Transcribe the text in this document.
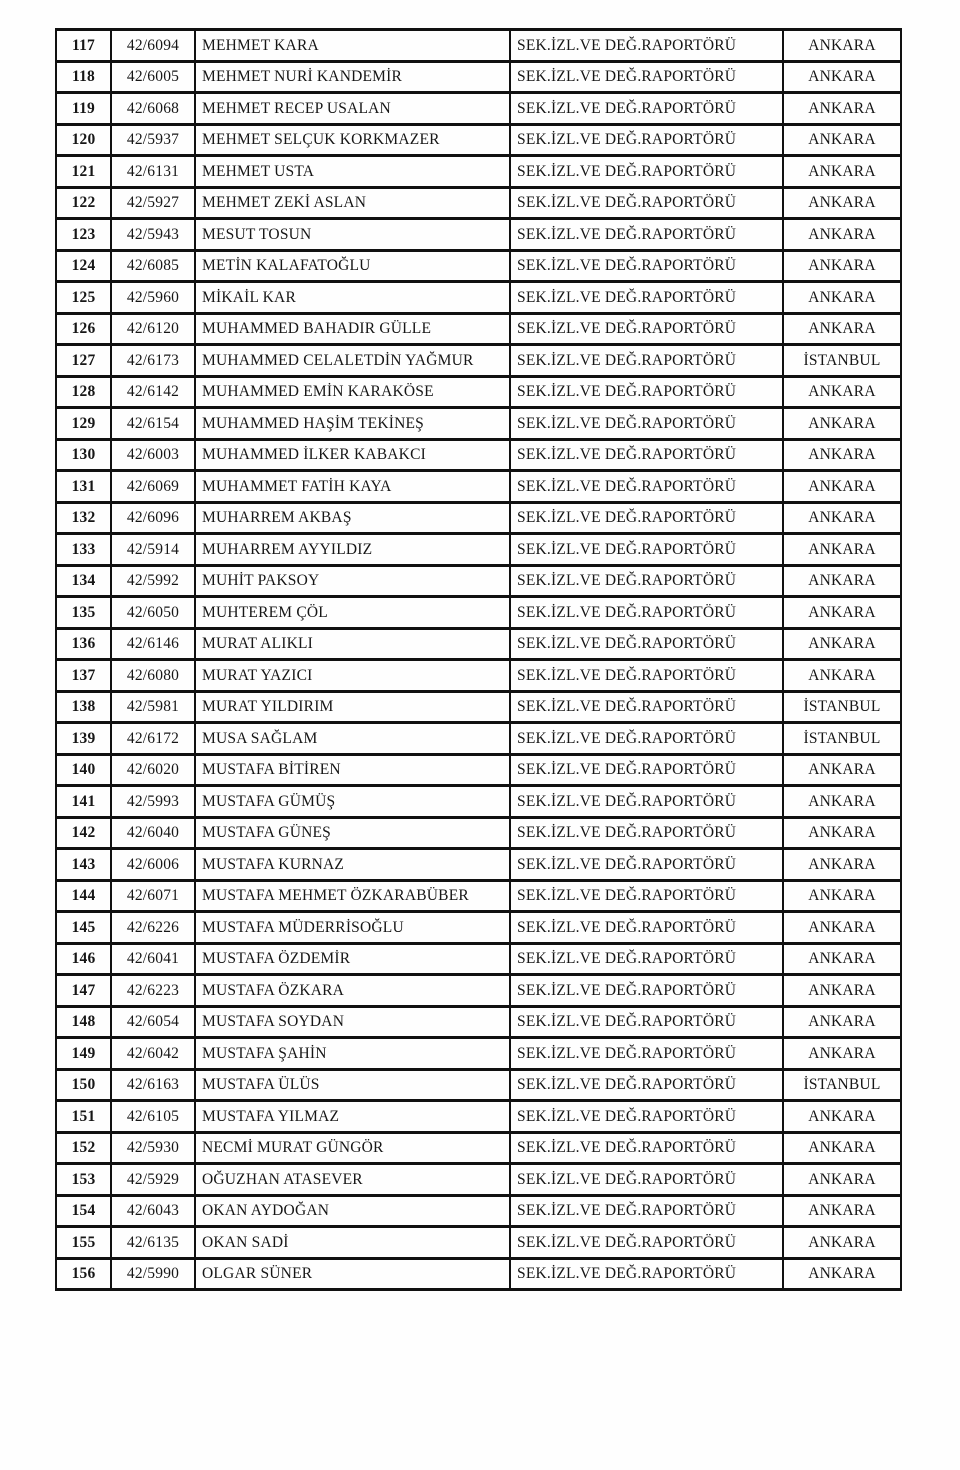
117	42/6094	MEHMET KARA	SEK.İZL.VE DEĞ.RAPORTÖRÜ	ANKARA
118	42/6005	MEHMET NURİ KANDEMİR	SEK.İZL.VE DEĞ.RAPORTÖRÜ	ANKARA
119	42/6068	MEHMET RECEP USALAN	SEK.İZL.VE DEĞ.RAPORTÖRÜ	ANKARA
120	42/5937	MEHMET SELÇUK KORKMAZER	SEK.İZL.VE DEĞ.RAPORTÖRÜ	ANKARA
121	42/6131	MEHMET USTA	SEK.İZL.VE DEĞ.RAPORTÖRÜ	ANKARA
122	42/5927	MEHMET ZEKİ ASLAN	SEK.İZL.VE DEĞ.RAPORTÖRÜ	ANKARA
123	42/5943	MESUT TOSUN	SEK.İZL.VE DEĞ.RAPORTÖRÜ	ANKARA
124	42/6085	METİN KALAFATOĞLU	SEK.İZL.VE DEĞ.RAPORTÖRÜ	ANKARA
125	42/5960	MİKAİL KAR	SEK.İZL.VE DEĞ.RAPORTÖRÜ	ANKARA
126	42/6120	MUHAMMED BAHADIR GÜLLE	SEK.İZL.VE DEĞ.RAPORTÖRÜ	ANKARA
127	42/6173	MUHAMMED CELALETDİN YAĞMUR	SEK.İZL.VE DEĞ.RAPORTÖRÜ	İSTANBUL
128	42/6142	MUHAMMED EMİN KARAKÖSE	SEK.İZL.VE DEĞ.RAPORTÖRÜ	ANKARA
129	42/6154	MUHAMMED HAŞİM TEKİNEŞ	SEK.İZL.VE DEĞ.RAPORTÖRÜ	ANKARA
130	42/6003	MUHAMMED İLKER KABAKCI	SEK.İZL.VE DEĞ.RAPORTÖRÜ	ANKARA
131	42/6069	MUHAMMET FATİH KAYA	SEK.İZL.VE DEĞ.RAPORTÖRÜ	ANKARA
132	42/6096	MUHARREM AKBAŞ	SEK.İZL.VE DEĞ.RAPORTÖRÜ	ANKARA
133	42/5914	MUHARREM AYYILDIZ	SEK.İZL.VE DEĞ.RAPORTÖRÜ	ANKARA
134	42/5992	MUHİT PAKSOY	SEK.İZL.VE DEĞ.RAPORTÖRÜ	ANKARA
135	42/6050	MUHTEREM ÇÖL	SEK.İZL.VE DEĞ.RAPORTÖRÜ	ANKARA
136	42/6146	MURAT ALIKLI	SEK.İZL.VE DEĞ.RAPORTÖRÜ	ANKARA
137	42/6080	MURAT YAZICI	SEK.İZL.VE DEĞ.RAPORTÖRÜ	ANKARA
138	42/5981	MURAT YILDIRIM	SEK.İZL.VE DEĞ.RAPORTÖRÜ	İSTANBUL
139	42/6172	MUSA SAĞLAM	SEK.İZL.VE DEĞ.RAPORTÖRÜ	İSTANBUL
140	42/6020	MUSTAFA BİTİREN	SEK.İZL.VE DEĞ.RAPORTÖRÜ	ANKARA
141	42/5993	MUSTAFA GÜMÜŞ	SEK.İZL.VE DEĞ.RAPORTÖRÜ	ANKARA
142	42/6040	MUSTAFA GÜNEŞ	SEK.İZL.VE DEĞ.RAPORTÖRÜ	ANKARA
143	42/6006	MUSTAFA KURNAZ	SEK.İZL.VE DEĞ.RAPORTÖRÜ	ANKARA
144	42/6071	MUSTAFA MEHMET ÖZKARABÜBER	SEK.İZL.VE DEĞ.RAPORTÖRÜ	ANKARA
145	42/6226	MUSTAFA MÜDERRİSOĞLU	SEK.İZL.VE DEĞ.RAPORTÖRÜ	ANKARA
146	42/6041	MUSTAFA ÖZDEMİR	SEK.İZL.VE DEĞ.RAPORTÖRÜ	ANKARA
147	42/6223	MUSTAFA ÖZKARA	SEK.İZL.VE DEĞ.RAPORTÖRÜ	ANKARA
148	42/6054	MUSTAFA SOYDAN	SEK.İZL.VE DEĞ.RAPORTÖRÜ	ANKARA
149	42/6042	MUSTAFA ŞAHİN	SEK.İZL.VE DEĞ.RAPORTÖRÜ	ANKARA
150	42/6163	MUSTAFA ÜLÜS	SEK.İZL.VE DEĞ.RAPORTÖRÜ	İSTANBUL
151	42/6105	MUSTAFA YILMAZ	SEK.İZL.VE DEĞ.RAPORTÖRÜ	ANKARA
152	42/5930	NECMİ MURAT GÜNGÖR	SEK.İZL.VE DEĞ.RAPORTÖRÜ	ANKARA
153	42/5929	OĞUZHAN ATASEVER	SEK.İZL.VE DEĞ.RAPORTÖRÜ	ANKARA
154	42/6043	OKAN AYDOĞAN	SEK.İZL.VE DEĞ.RAPORTÖRÜ	ANKARA
155	42/6135	OKAN SADİ	SEK.İZL.VE DEĞ.RAPORTÖRÜ	ANKARA
156	42/5990	OLGAR SÜNER	SEK.İZL.VE DEĞ.RAPORTÖRÜ	ANKARA
